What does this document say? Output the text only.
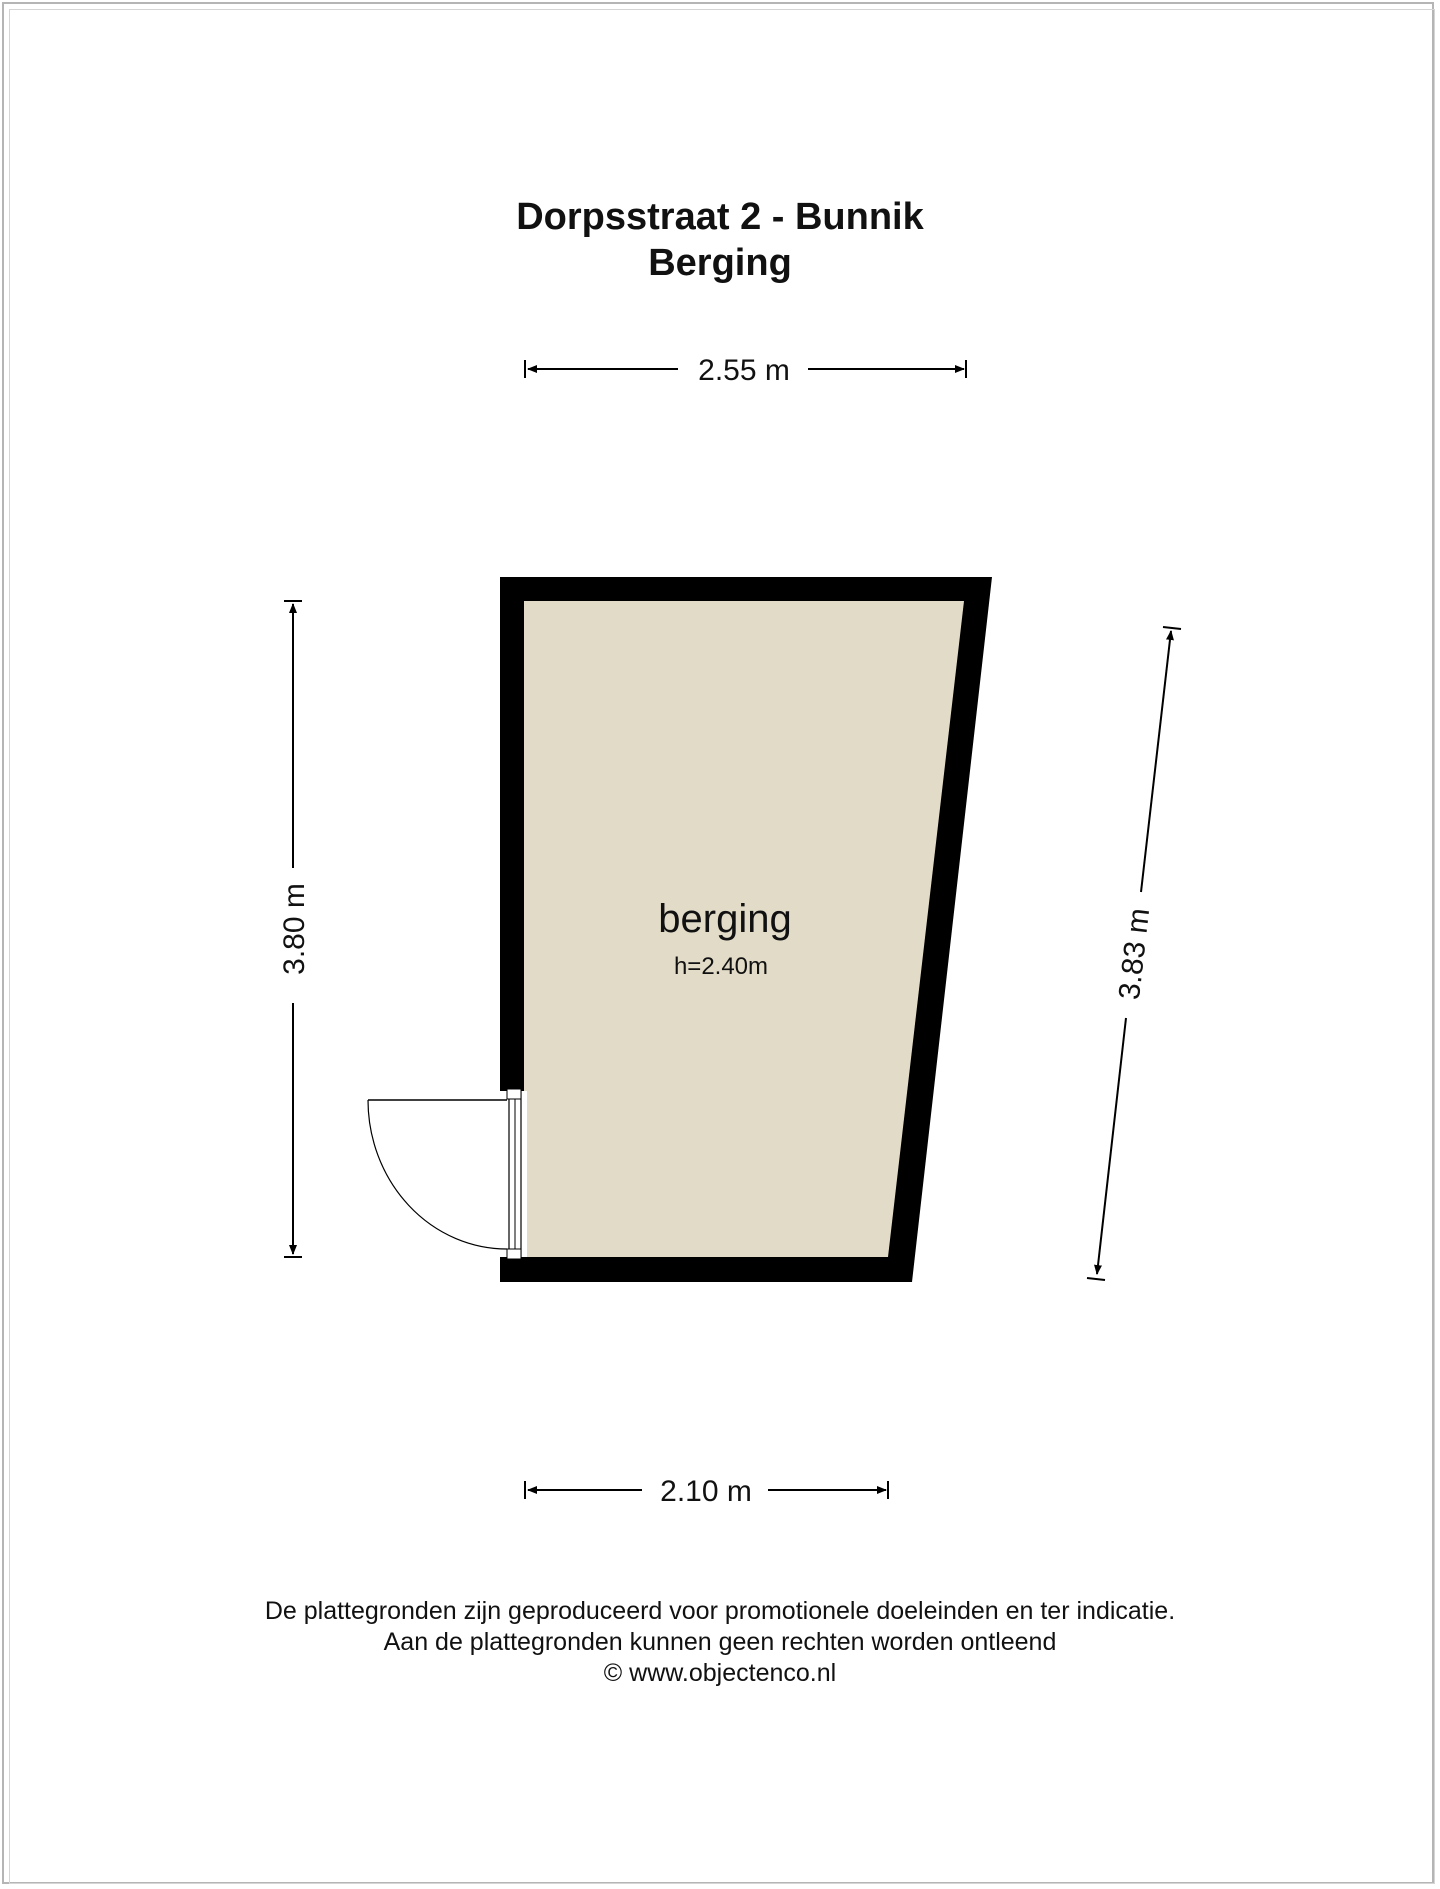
Dorpsstraat 2 - Bunnik
Berging
2.55 m
2.10 m
3.80 m	3.83 m
berging
h=2.40m
De plattegronden zijn geproduceerd voor promotionele doeleinden en ter indicatie.
Aan de plattegronden kunnen geen rechten worden ontleend
© www.objectenco.nl
